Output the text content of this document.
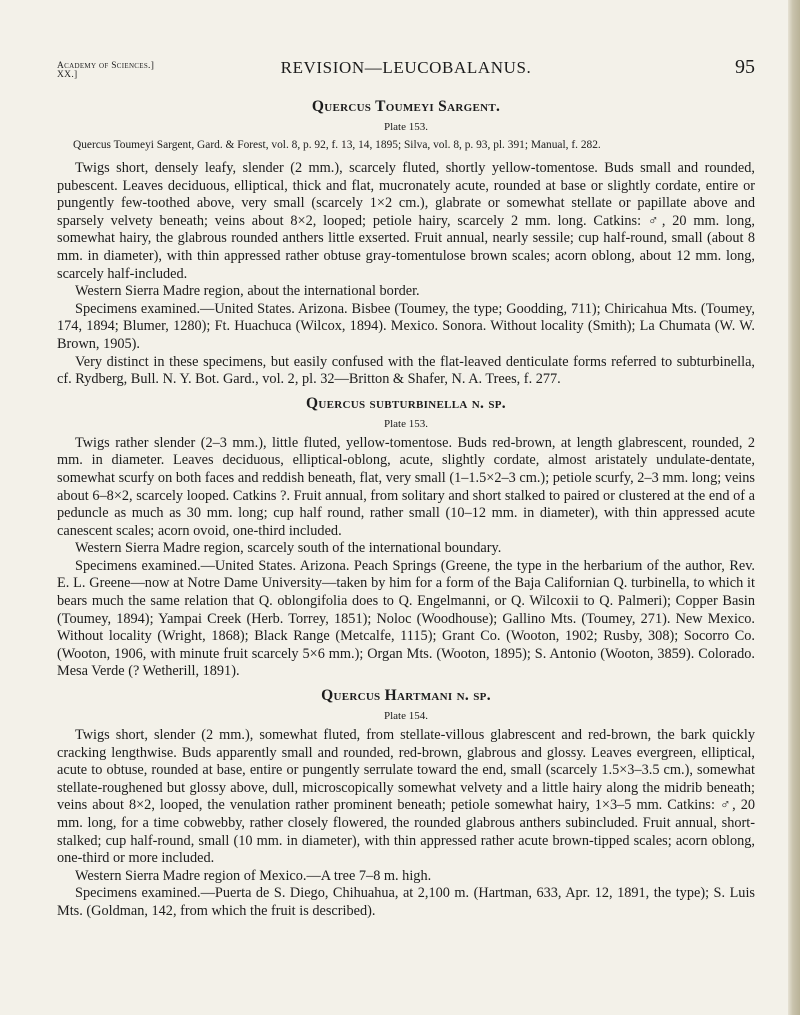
Academy of Sciences.]
XX.]	REVISION—LEUCOBALANUS.	95
Quercus Toumeyi Sargent.
Plate 153.
Quercus Toumeyi Sargent, Gard. & Forest, vol. 8, p. 92, f. 13, 14, 1895; Silva, vol. 8, p. 93, pl. 391; Manual, f. 282.

Twigs short, densely leafy, slender (2 mm.), scarcely fluted, shortly yellow-tomentose. Buds small and rounded, pubescent. Leaves deciduous, elliptical, thick and flat, mucronately acute, rounded at base or slightly cordate, entire or pungently few-toothed above, very small (scarcely 1×2 cm.), glabrate or somewhat stellate or papillate above and sparsely velvety beneath; veins about 8×2, looped; petiole hairy, scarcely 2 mm. long. Catkins: ♂, 20 mm. long, somewhat hairy, the glabrous rounded anthers little exserted. Fruit annual, nearly sessile; cup half-round, small (about 8 mm. in diameter), with thin appressed rather obtuse gray-tomentulose brown scales; acorn oblong, about 12 mm. long, scarcely half-included.

Western Sierra Madre region, about the international border.

Specimens examined.—United States. Arizona. Bisbee (Toumey, the type; Goodding, 711); Chiricahua Mts. (Toumey, 174, 1894; Blumer, 1280); Ft. Huachuca (Wilcox, 1894). Mexico. Sonora. Without locality (Smith); La Chumata (W. W. Brown, 1905).

Very distinct in these specimens, but easily confused with the flat-leaved denticulate forms referred to subturbinella, cf. Rydberg, Bull. N. Y. Bot. Gard., vol. 2, pl. 32—Britton & Shafer, N. A. Trees, f. 277.

Quercus subturbinella n. sp.
Plate 153.

Twigs rather slender (2–3 mm.), little fluted, yellow-tomentose. Buds red-brown, at length glabrescent, rounded, 2 mm. in diameter. Leaves deciduous, elliptical-oblong, acute, slightly cordate, almost aristately undulate-dentate, somewhat scurfy on both faces and reddish beneath, flat, very small (1–1.5×2–3 cm.); petiole scurfy, 2–3 mm. long; veins about 6–8×2, scarcely looped. Catkins ?. Fruit annual, from solitary and short stalked to paired or clustered at the end of a peduncle as much as 30 mm. long; cup half round, rather small (10–12 mm. in diameter), with thin appressed acute canescent scales; acorn ovoid, one-third included.

Western Sierra Madre region, scarcely south of the international boundary.

Specimens examined.—United States. Arizona. Peach Springs (Greene, the type in the herbarium of the author, Rev. E. L. Greene—now at Notre Dame University—taken by him for a form of the Baja Californian Q. turbinella, to which it bears much the same relation that Q. oblongifolia does to Q. Engelmanni, or Q. Wilcoxii to Q. Palmeri); Copper Basin (Toumey, 1894); Yampai Creek (Herb. Torrey, 1851); Noloc (Woodhouse); Gallino Mts. (Toumey, 271). New Mexico. Without locality (Wright, 1868); Black Range (Metcalfe, 1115); Grant Co. (Wooton, 1902; Rusby, 308); Socorro Co. (Wooton, 1906, with minute fruit scarcely 5×6 mm.); Organ Mts. (Wooton, 1895); S. Antonio (Wooton, 3859). Colorado. Mesa Verde (? Wetherill, 1891).

Quercus Hartmani n. sp.
Plate 154.

Twigs short, slender (2 mm.), somewhat fluted, from stellate-villous glabrescent and red-brown, the bark quickly cracking lengthwise. Buds apparently small and rounded, red-brown, glabrous and glossy. Leaves evergreen, elliptical, acute to obtuse, rounded at base, entire or pungently serrulate toward the end, small (scarcely 1.5×3–3.5 cm.), somewhat stellate-roughened but glossy above, dull, microscopically somewhat velvety and a little hairy along the midrib beneath; veins about 8×2, looped, the venulation rather prominent beneath; petiole somewhat hairy, 1×3–5 mm. Catkins: ♂, 20 mm. long, for a time cobwebby, rather closely flowered, the rounded glabrous anthers subincluded. Fruit annual, short-stalked; cup half-round, small (10 mm. in diameter), with thin appressed rather acute brown-tipped scales; acorn oblong, one-third or more included.

Western Sierra Madre region of Mexico.—A tree 7–8 m. high.

Specimens examined.—Puerta de S. Diego, Chihuahua, at 2,100 m. (Hartman, 633, Apr. 12, 1891, the type); S. Luis Mts. (Goldman, 142, from which the fruit is described).
